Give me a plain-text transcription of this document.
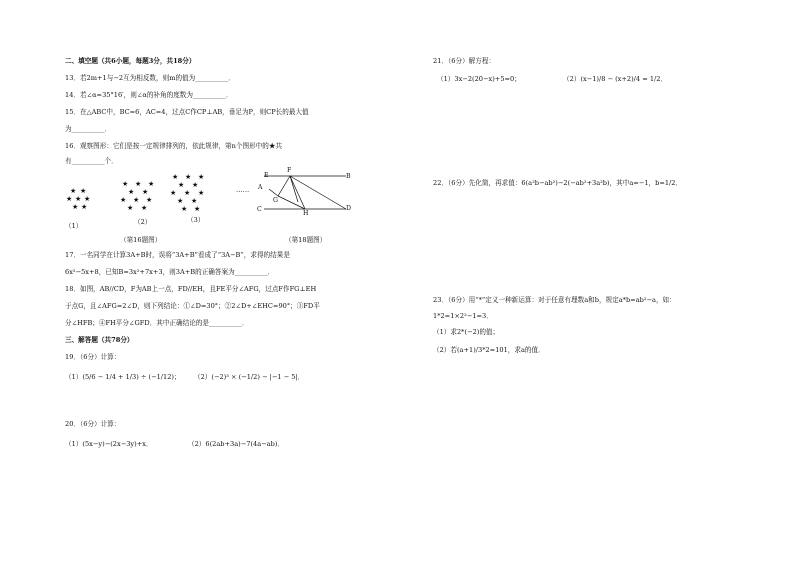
二、填空题（共6小题，每题3分，共18分）
13．若2m+1与−2互为相反数，则m的值为__________．
14．若∠α=35°16′，则∠α的补角的度数为__________．
15．在△ABC中，BC=6，AC=4，过点C作CP⊥AB，垂足为P，则CP长的最大值
为__________．
16．观察图形：它们是按一定规律排列的，依此规律，第n个图形中的★共
有__________个．
★ ★
★ ★ ★
★ ★
★ ★ ★
★ ★
★ ★ ★
★ ★
★ ★ ★
★ ★
★ ★ ★
★ ★
★ ★
（1）	（2）	（3）
……
（第16题图）
A
B
C	D
E
F
G
H
（第18题图）
17．一名同学在计算3A+B时，误将“3A+B”看成了“3A−B”，求得的结果是
6x²−5x+8，已知B=3x²+7x+3，则3A+B的正确答案为__________．
18．如图，AB//CD，F为AB上一点，FD//EH，且FE平分∠AFG，过点F作FG⊥EH
于点G，且∠AFG=2∠D，则下列结论：①∠D=30°；②2∠D+∠EHC=90°；③FD平
分∠HFB；④FH平分∠GFD．其中正确结论的是__________．
三、解答题（共78分）
19．（6分）计算：
（1）(5/6 − 1/4 + 1/3) ÷ (−1/12)； （2）(−2)³ × (−1/2) − |−1 − 5|．
20．（6分）计算：
（1）(5x−y)−(2x−3y)+x．	（2）6(2ab+3a)−7(4a−ab)．
21．（6分）解方程：
（1）3x−2(20−x)+5=0；	（2）(x−1)/8 − (x+2)/4 = 1/2．
22．（6分）先化简，再求值：6(a²b−ab²)−2(−ab²+3a²b)，其中a=−1，b=1/2．
23．（6分）用“*”定义一种新运算：对于任意有理数a和b，规定a*b=ab²−a，如：
1*2=1×2²−1=3．
（1）求2*(−2)的值；
（2）若(a+1)/3*2=101，求a的值．
